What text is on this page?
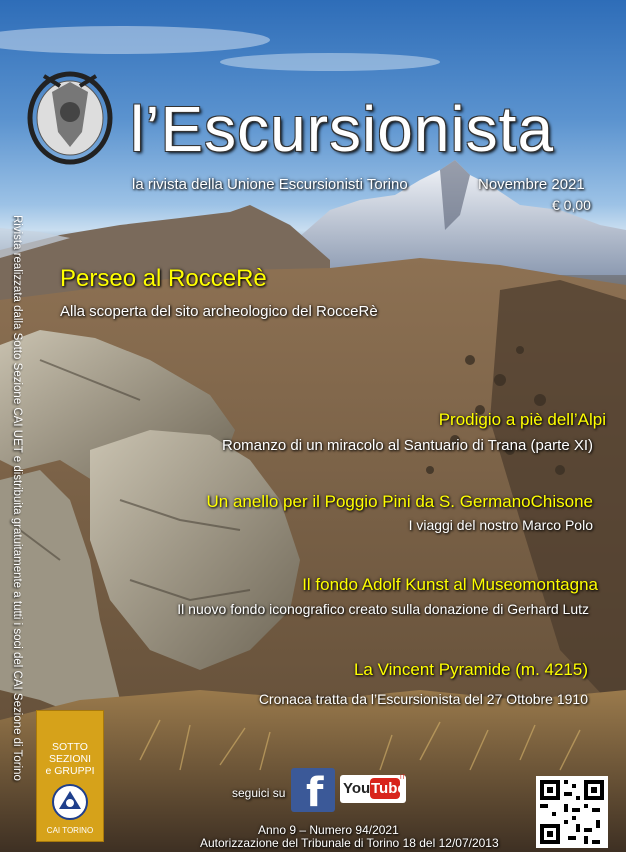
l’Escursionista
la rivista della Unione Escursionisti Torino	Novembre 2021
€ 0,00
Perseo al RocceRè
Alla scoperta del sito archeologico del RocceRè
Prodigio a piè dell’Alpi
Romanzo di un miracolo al Santuario di Trana (parte XI)
Un anello per il Poggio Pini da S. GermanoChisone
I viaggi del nostro Marco Polo
Il fondo Adolf Kunst al Museomontagna
Il nuovo fondo iconografico creato sulla donazione di Gerhard Lutz
La Vincent Pyramide (m. 4215)
Cronaca tratta da l’Escursionista del 27 Ottobre 1910
Rivista realizzata dalla Sotto Sezione CAI UET e distribuita gratuitamente a tutti i soci del CAI Sezione di Torino	SOTTO
SEZIONI
e GRUPPI
CAI TORINO
seguici su f You Tube
IT
Anno 9 – Numero 94/2021
Autorizzazione del Tribunale di Torino 18 del 12/07/2013
